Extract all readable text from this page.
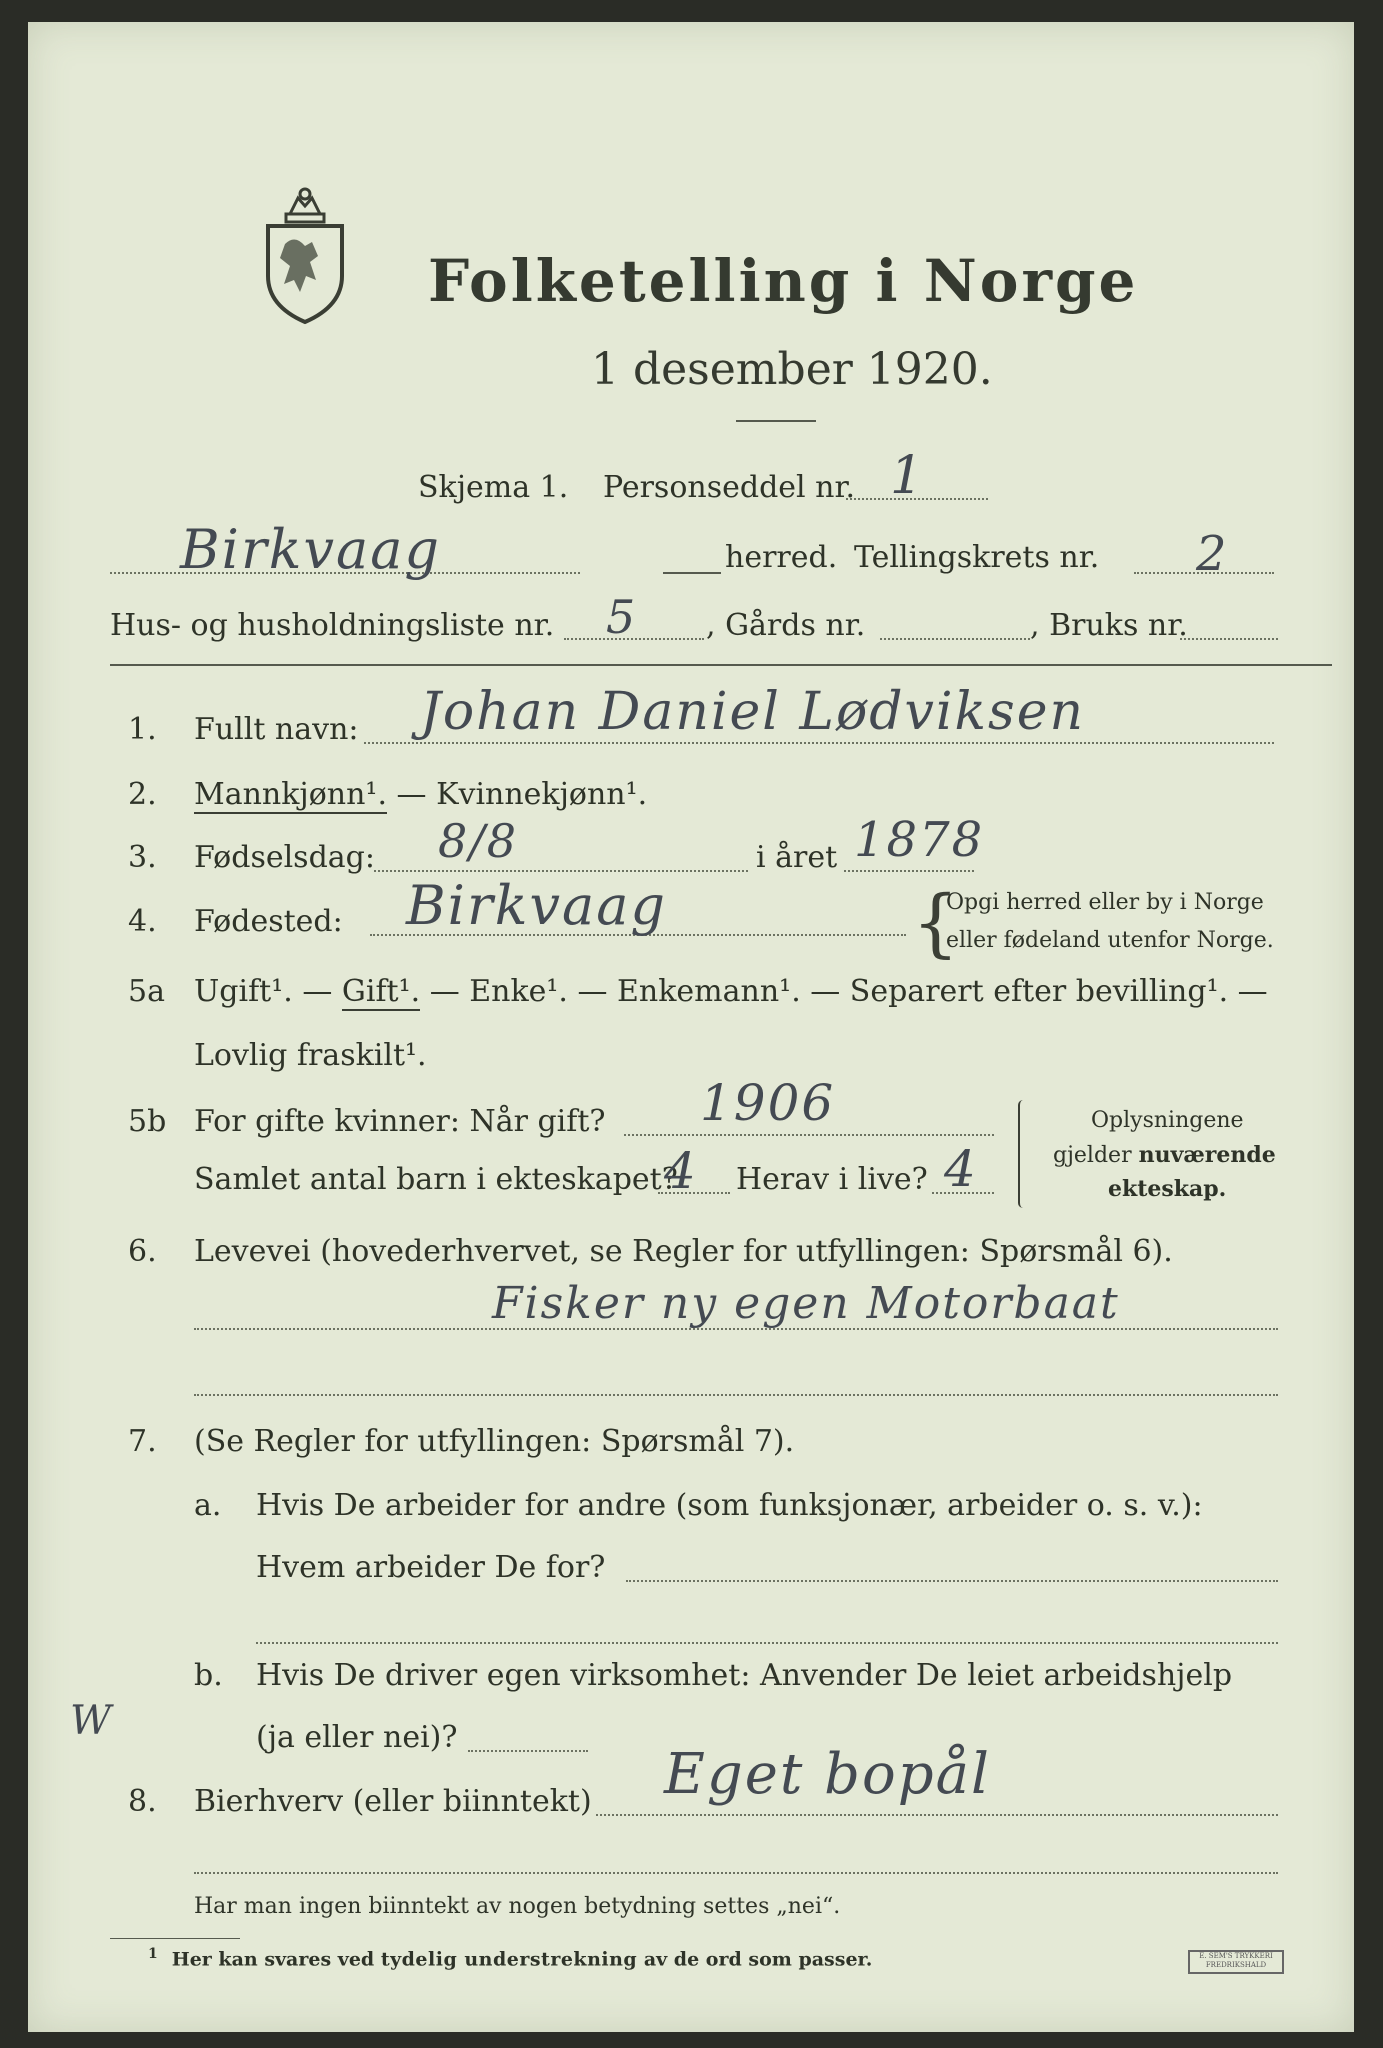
Folketelling i Norge
1 desember 1920.
Skjema 1. Personseddel nr. 1
Birkvaag	herred. Tellingskrets nr. 2
Hus- og husholdningsliste nr. 5 , Gårds nr.	, Bruks nr.
1. Fullt navn: Johan Daniel Lødviksen
2. Mannkjønn¹. — Kvinnekjønn¹.
3. Fødselsdag: 8/8	i året 1878
4. Fødested: Birkvaag	{
Opgi herred eller by i Norge
eller fødeland utenfor Norge.
5a Ugift¹. — Gift¹. — Enke¹. — Enkemann¹. — Separert efter bevilling¹. —
Lovlig fraskilt¹.
5b For gifte kvinner: Når gift? 1906
Samlet antal barn i ekteskapet?
4 Herav i live? 4
Oplysningene
gjelder nuværende
ekteskap.
6. Levevei (hovederhvervet, se Regler for utfyllingen: Spørsmål 6).
Fisker ny egen Motorbaat
7. (Se Regler for utfyllingen: Spørsmål 7).
a. Hvis De arbeider for andre (som funksjonær, arbeider o. s. v.):
Hvem arbeider De for?
b. Hvis De driver egen virksomhet: Anvender De leiet arbeidshjelp
(ja eller nei)?
8. Bierhverv (eller biinntekt) Eget bopål
Har man ingen biinntekt av nogen betydning settes „nei“.
$^1$ Her kan svares ved tydelig understrekning av de ord som passer.	E. SEM'S TRYKKERI FREDRIKSHALD
W
